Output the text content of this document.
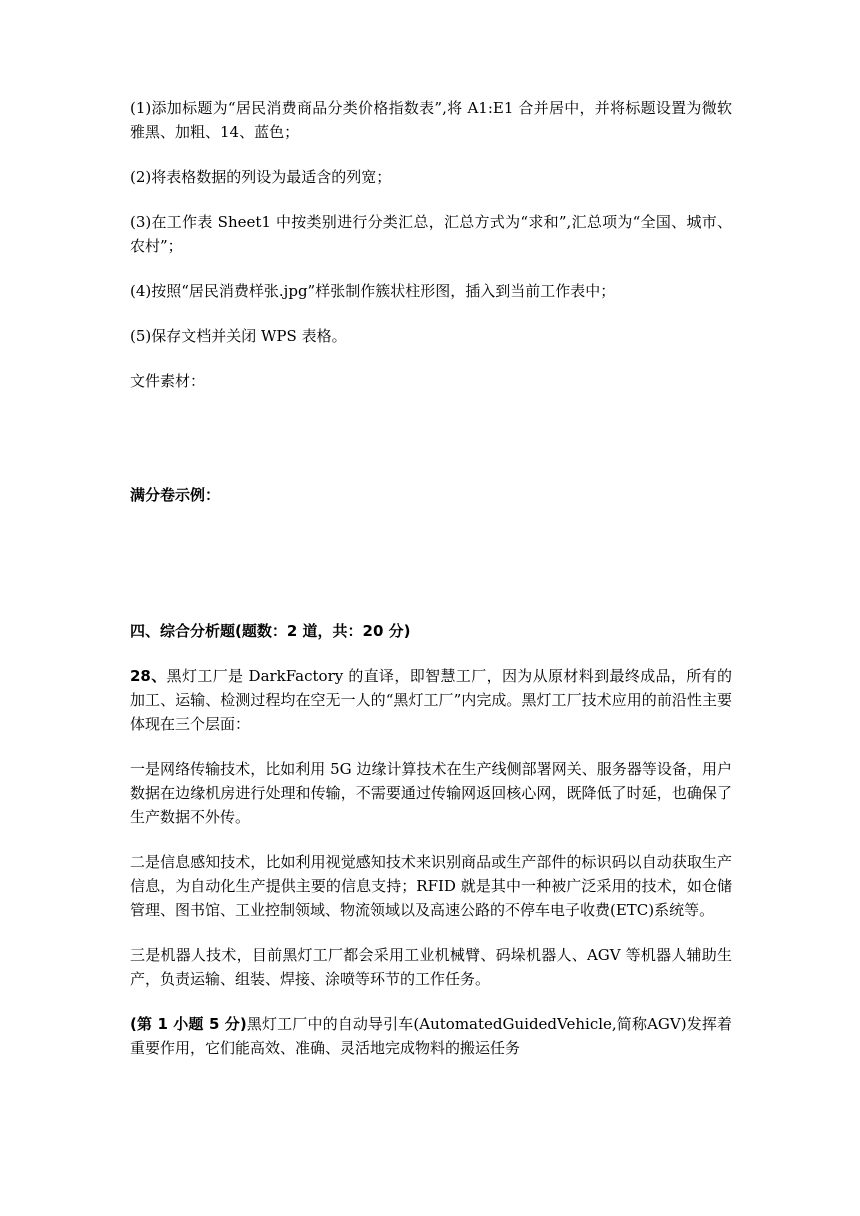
(1)添加标题为“居民消费商品分类价格指数表”,将 A1:E1 合并居中，并将标题设置为微软雅黑、加粗、14、蓝色；

(2)将表格数据的列设为最适含的列宽；

(3)在工作表 Sheet1 中按类别进行分类汇总，汇总方式为“求和”,汇总项为“全国、城市、农村”；

(4)按照“居民消费样张.jpg”样张制作簇状柱形图，插入到当前工作表中；

(5)保存文档并关闭 WPS 表格。

文件素材：

满分卷示例：

四、综合分析题(题数：2 道，共：20 分)

28、黑灯工厂是 DarkFactory 的直译，即智慧工厂，因为从原材料到最终成品，所有的加工、运输、检测过程均在空无一人的“黑灯工厂”内完成。黑灯工厂技术应用的前沿性主要体现在三个层面：

一是网络传输技术，比如利用 5G 边缘计算技术在生产线侧部署网关、服务器等设备，用户数据在边缘机房进行处理和传输，不需要通过传输网返回核心网，既降低了时延，也确保了生产数据不外传。

二是信息感知技术，比如利用视觉感知技术来识别商品或生产部件的标识码以自动获取生产信息，为自动化生产提供主要的信息支持；RFID 就是其中一种被广泛采用的技术，如仓储管理、图书馆、工业控制领域、物流领域以及高速公路的不停车电子收费(ETC)系统等。

三是机器人技术，目前黑灯工厂都会采用工业机械臂、码垛机器人、AGV 等机器人辅助生产，负责运输、组装、焊接、涂喷等环节的工作任务。

(第 1 小题 5 分)黑灯工厂中的自动导引车(AutomatedGuidedVehicle,简称AGV)发挥着重要作用，它们能高效、准确、灵活地完成物料的搬运任务
